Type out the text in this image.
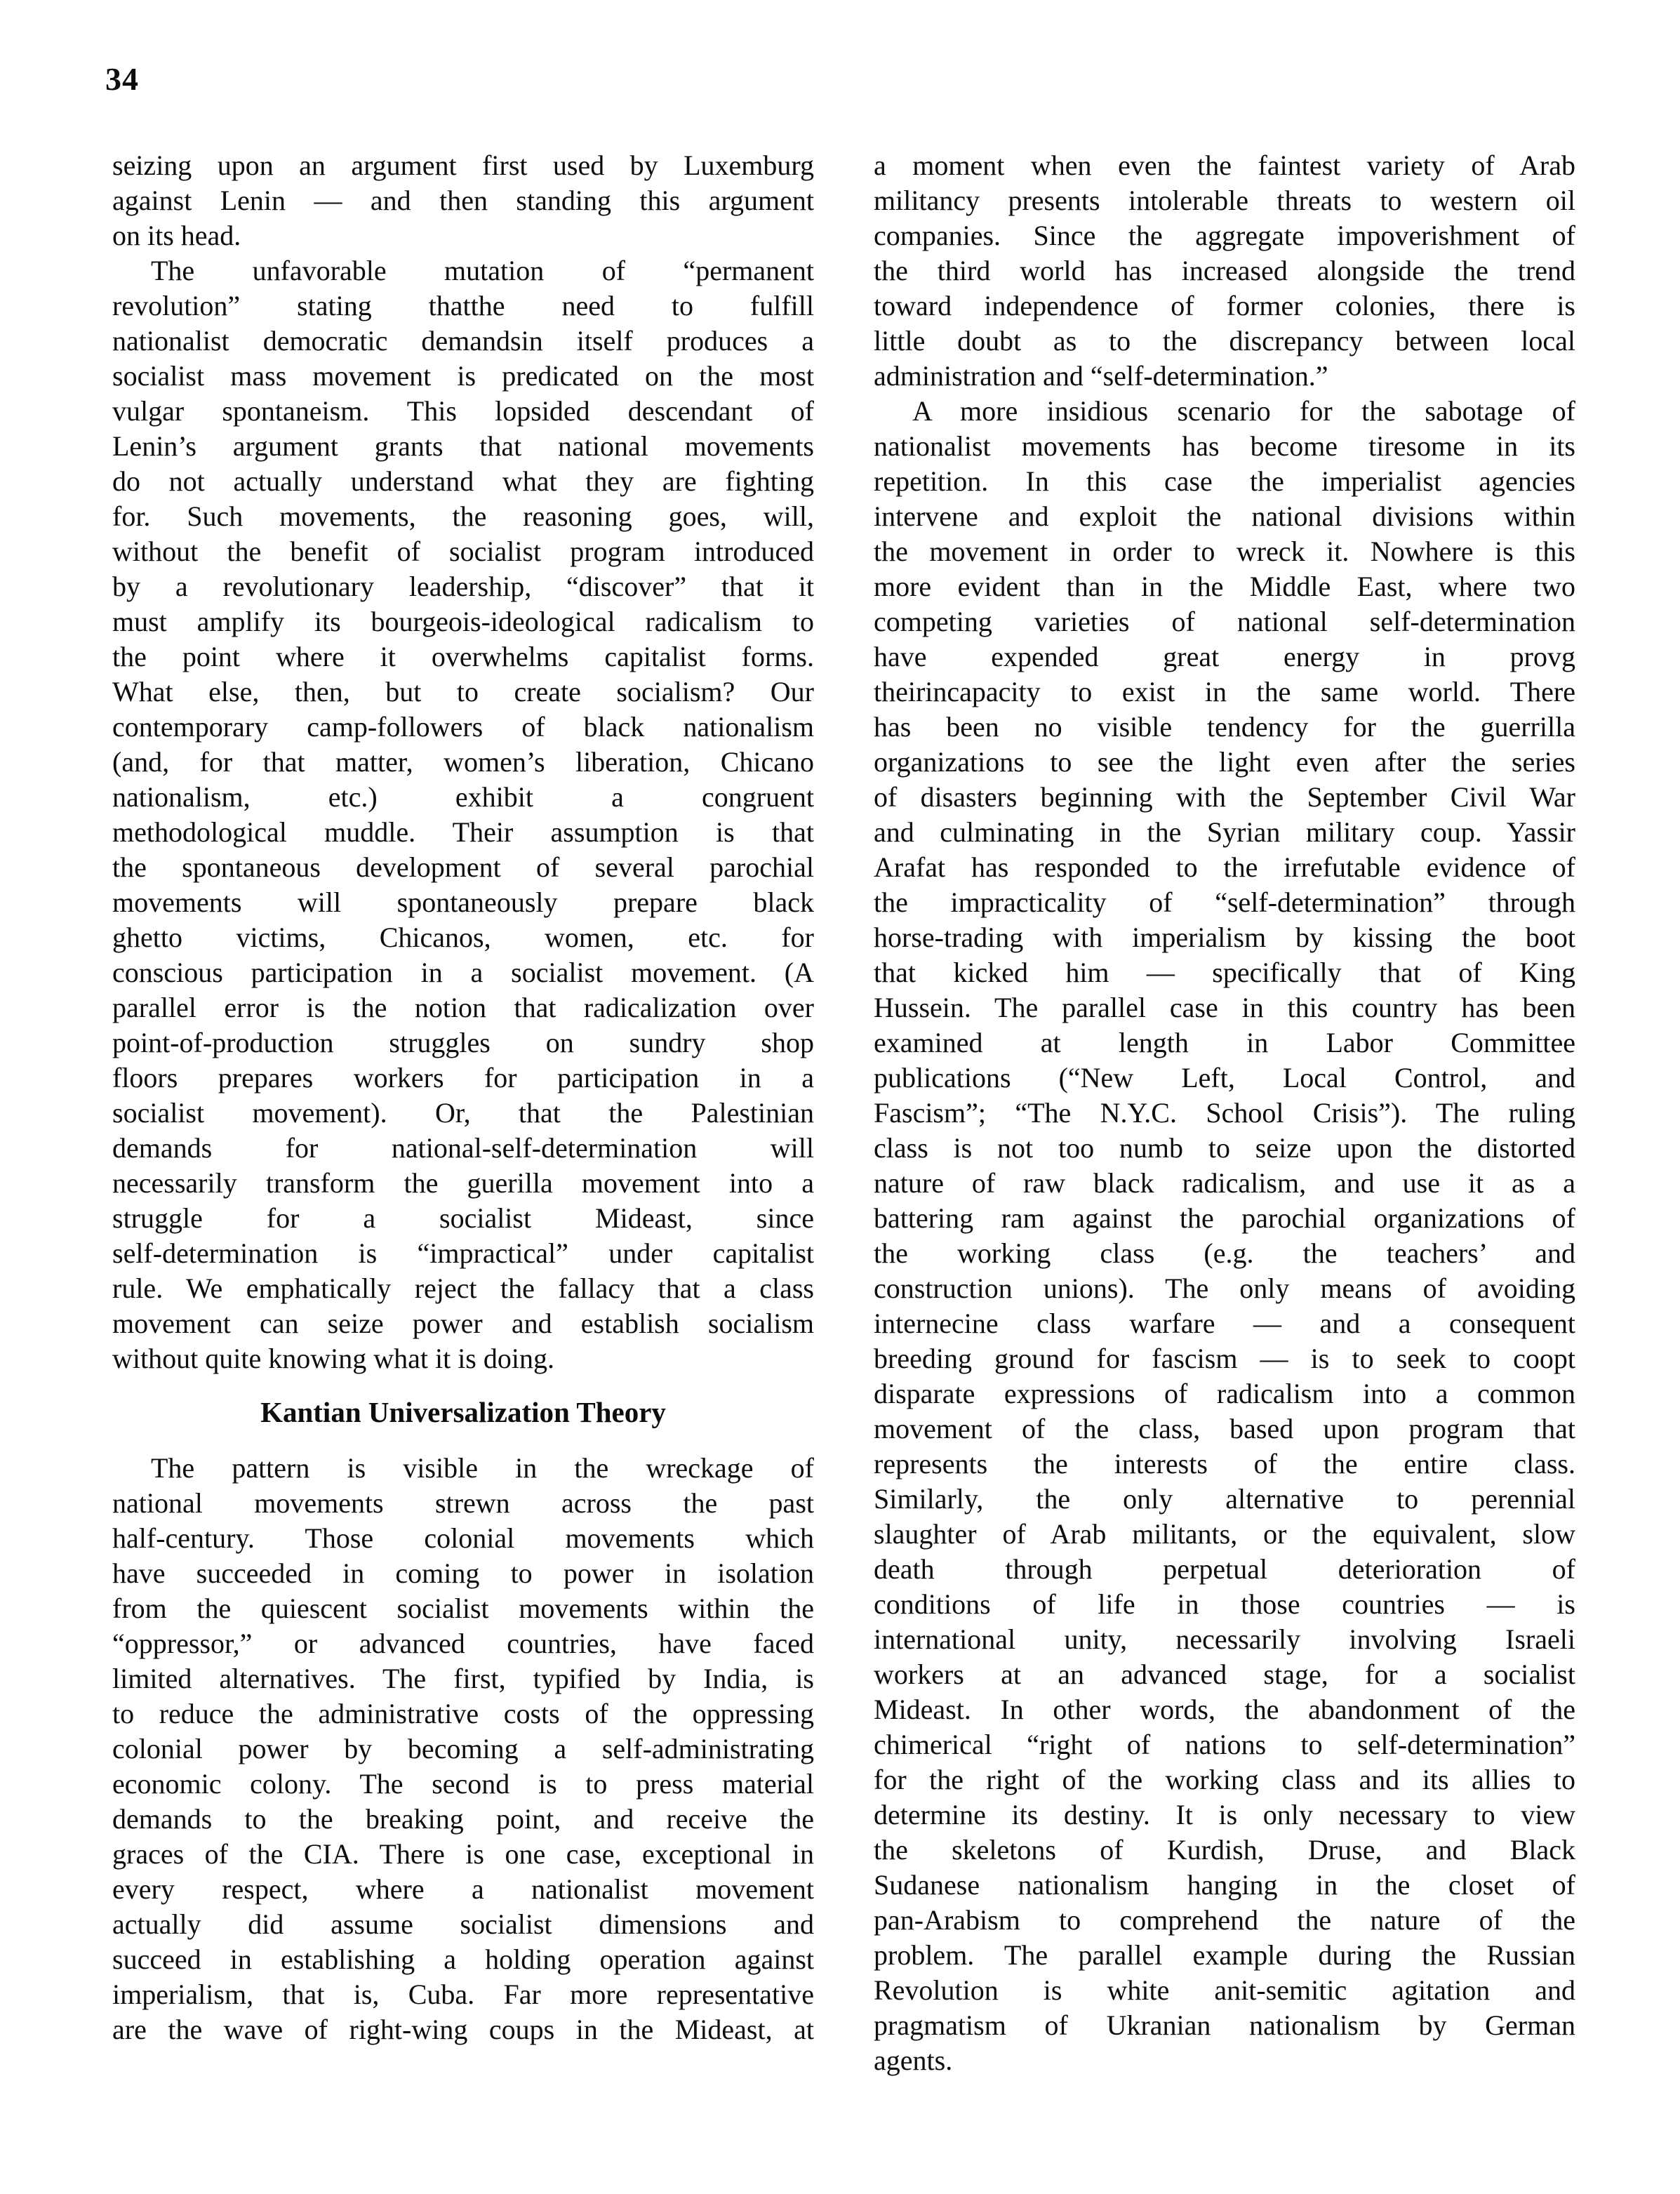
34
seizing upon an argument first used by Luxemburg
against Lenin — and then standing this argument
on its head.
The unfavorable mutation of “permanent
revolution” stating thatthe need to fulfill
nationalist democratic demandsin itself produces a
socialist mass movement is predicated on the most
vulgar spontaneism. This lopsided descendant of
Lenin’s argument grants that national movements
do not actually understand what they are fighting
for. Such movements, the reasoning goes, will,
without the benefit of socialist program introduced
by a revolutionary leadership, “discover” that it
must amplify its bourgeois-ideological radicalism to
the point where it overwhelms capitalist forms.
What else, then, but to create socialism? Our
contemporary camp-followers of black nationalism
(and, for that matter, women’s liberation, Chicano
nationalism, etc.) exhibit a congruent
methodological muddle. Their assumption is that
the spontaneous development of several parochial
movements will spontaneously prepare black
ghetto victims, Chicanos, women, etc. for
conscious participation in a socialist movement. (A
parallel error is the notion that radicalization over
point-of-production struggles on sundry shop
floors prepares workers for participation in a
socialist movement). Or, that the Palestinian
demands for national-self-determination will
necessarily transform the guerilla movement into a
struggle for a socialist Mideast, since
self-determination is “impractical” under capitalist
rule. We emphatically reject the fallacy that a class
movement can seize power and establish socialism
without quite knowing what it is doing.
Kantian Universalization Theory
The pattern is visible in the wreckage of
national movements strewn across the past
half-century. Those colonial movements which
have succeeded in coming to power in isolation
from the quiescent socialist movements within the
“oppressor,” or advanced countries, have faced
limited alternatives. The first, typified by India, is
to reduce the administrative costs of the oppressing
colonial power by becoming a self-administrating
economic colony. The second is to press material
demands to the breaking point, and receive the
graces of the CIA. There is one case, exceptional in
every respect, where a nationalist movement
actually did assume socialist dimensions and
succeed in establishing a holding operation against
imperialism, that is, Cuba. Far more representative
are the wave of right-wing coups in the Mideast, at
a moment when even the faintest variety of Arab
militancy presents intolerable threats to western oil
companies. Since the aggregate impoverishment of
the third world has increased alongside the trend
toward independence of former colonies, there is
little doubt as to the discrepancy between local
administration and “self-determination.”
A more insidious scenario for the sabotage of
nationalist movements has become tiresome in its
repetition. In this case the imperialist agencies
intervene and exploit the national divisions within
the movement in order to wreck it. Nowhere is this
more evident than in the Middle East, where two
competing varieties of national self-determination
have expended great energy in provg
theirincapacity to exist in the same world. There
has been no visible tendency for the guerrilla
organizations to see the light even after the series
of disasters beginning with the September Civil War
and culminating in the Syrian military coup. Yassir
Arafat has responded to the irrefutable evidence of
the impracticality of “self-determination” through
horse-trading with imperialism by kissing the boot
that kicked him — specifically that of King
Hussein. The parallel case in this country has been
examined at length in Labor Committee
publications (“New Left, Local Control, and
Fascism”; “The N.Y.C. School Crisis”). The ruling
class is not too numb to seize upon the distorted
nature of raw black radicalism, and use it as a
battering ram against the parochial organizations of
the working class (e.g. the teachers’ and
construction unions). The only means of avoiding
internecine class warfare — and a consequent
breeding ground for fascism — is to seek to coopt
disparate expressions of radicalism into a common
movement of the class, based upon program that
represents the interests of the entire class.
Similarly, the only alternative to perennial
slaughter of Arab militants, or the equivalent, slow
death through perpetual deterioration of
conditions of life in those countries — is
international unity, necessarily involving Israeli
workers at an advanced stage, for a socialist
Mideast. In other words, the abandonment of the
chimerical “right of nations to self-determination”
for the right of the working class and its allies to
determine its destiny. It is only necessary to view
the skeletons of Kurdish, Druse, and Black
Sudanese nationalism hanging in the closet of
pan-Arabism to comprehend the nature of the
problem. The parallel example during the Russian
Revolution is white anit-semitic agitation and
pragmatism of Ukranian nationalism by German
agents.
